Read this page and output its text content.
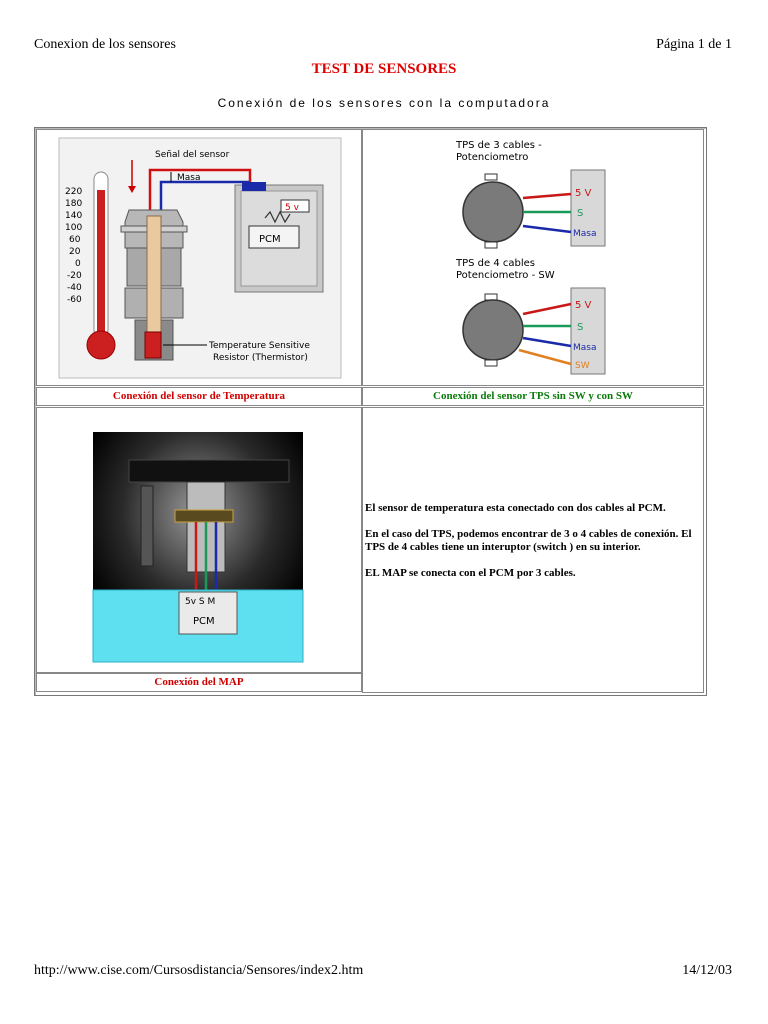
Conexion de los sensores	Página 1 de 1
TEST DE SENSORES
Conexión de los sensores con la computadora
PCM
5 v
Señal del sensor
Masa
220
180
140
100
60
20
0
-20
-40
-60
Temperature Sensitive
Resistor (Thermistor)
TPS de 3 cables -
Potenciometro
5 V
S
Masa
TPS de 4 cables
Potenciometro - SW
5 V
S
Masa
SW
Conexión del sensor de Temperatura	Conexión del sensor TPS sin SW y con SW
5v S M
PCM

El sensor de temperatura esta conectado con dos cables al PCM.

En el caso del TPS, podemos encontrar de 3 o 4 cables de conexión. El TPS de 4 cables tiene un interuptor (switch ) en su interior.

EL MAP se conecta con el PCM por 3 cables.

Conexión del MAP
http://www.cise.com/Cursosdistancia/Sensores/index2.htm	14/12/03
